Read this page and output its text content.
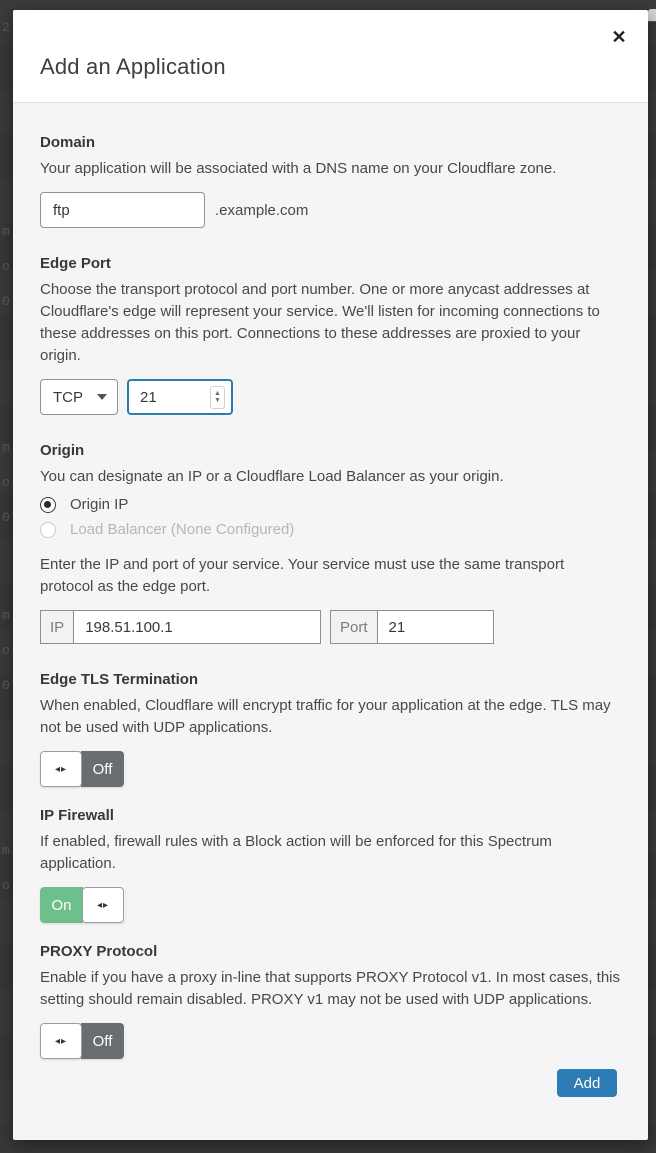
2
m
o
0
m
o
0
m
o
0
m
o
Add an Application
✕
Domain
Your application will be associated with a DNS name on your Cloudflare zone.
ftp
.example.com
Edge Port
Choose the transport protocol and port number. One or more anycast addresses at Cloudflare's edge will represent your service. We'll listen for incoming connections to these addresses on this port. Connections to these addresses are proxied to your origin.
TCP	21	▲
▼
Origin
You can designate an IP or a Cloudflare Load Balancer as your origin.
Origin IP
Load Balancer (None Configured)
Enter the IP and port of your service. Your service must use the same transport protocol as the edge port.
IP
198.51.100.1	Port
21
Edge TLS Termination
When enabled, Cloudflare will encrypt traffic for your application at the edge. TLS may not be used with UDP applications.
◂▸	Off
IP Firewall
If enabled, firewall rules with a Block action will be enforced for this Spectrum application.
On	◂▸
PROXY Protocol
Enable if you have a proxy in-line that supports PROXY Protocol v1. In most cases, this setting should remain disabled. PROXY v1 may not be used with UDP applications.
◂▸	Off
Add
